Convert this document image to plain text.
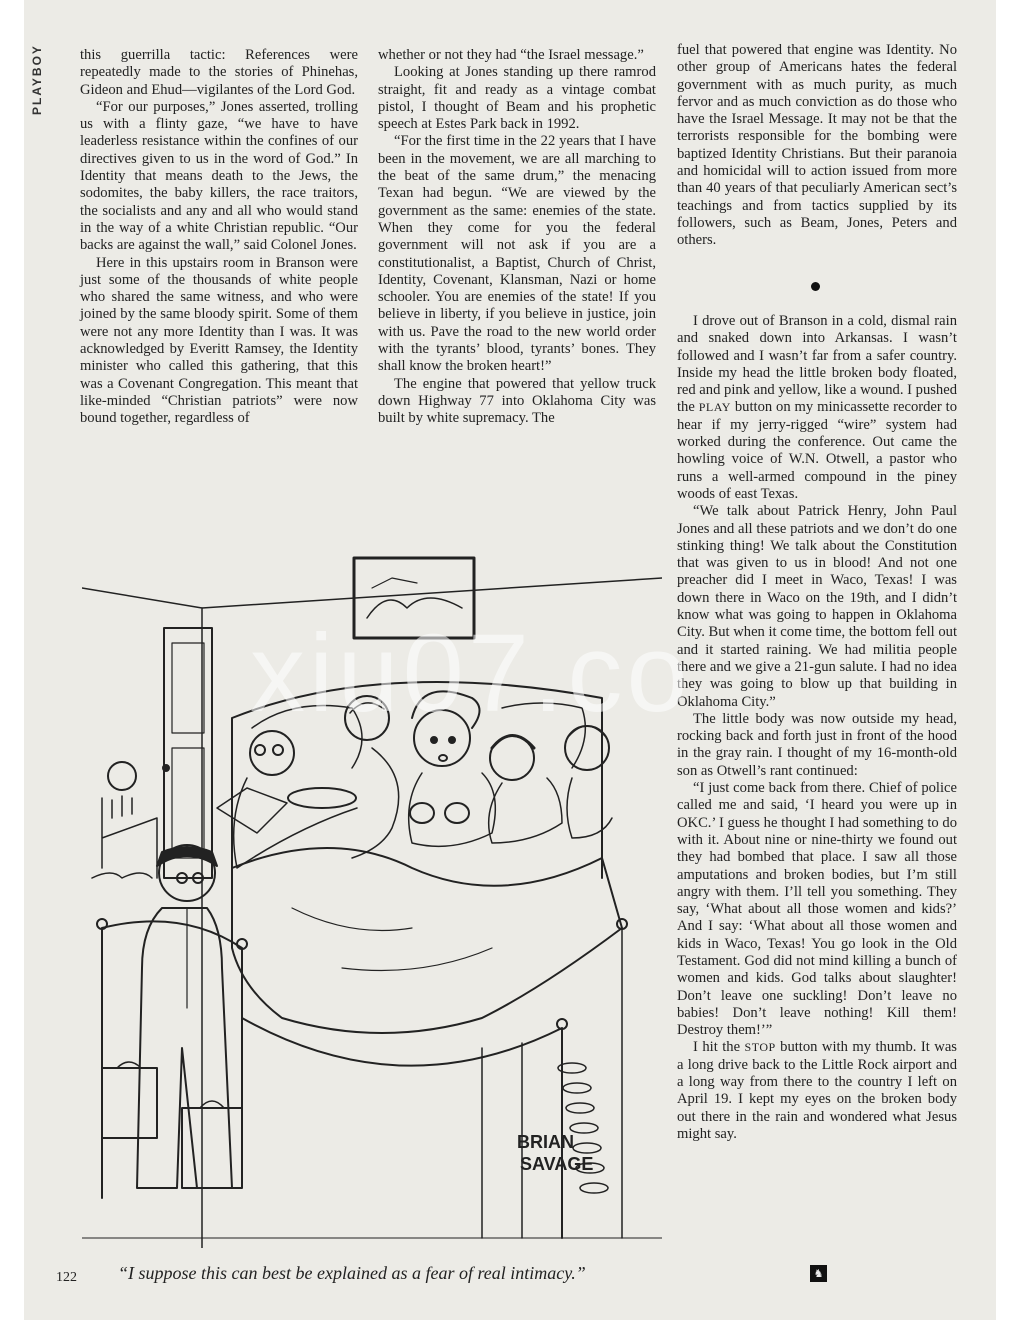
PLAYBOY	this guerrilla tactic: References were repeatedly made to the stories of Phinehas, Gideon and Ehud—vigilantes of the Lord God.

“For our purposes,” Jones asserted, trolling us with a flinty gaze, “we have to have leaderless resistance within the confines of our directives given to us in the word of God.” In Identity that means death to the Jews, the sodomites, the baby killers, the race traitors, the socialists and any and all who would stand in the way of a white Christian republic. “Our backs are against the wall,” said Colonel Jones.

Here in this upstairs room in Branson were just some of the thousands of white people who shared the same witness, and who were joined by the same bloody spirit. Some of them were not any more Identity than I was. It was acknowledged by Everitt Ramsey, the Identity minister who called this gathering, that this was a Covenant Congregation. This meant that like-minded “Christian patriots” were now bound together, regardless of

whether or not they had “the Israel message.”

Looking at Jones standing up there ramrod straight, fit and ready as a vintage combat pistol, I thought of Beam and his prophetic speech at Estes Park back in 1992.

“For the first time in the 22 years that I have been in the movement, we are all marching to the beat of the same drum,” the menacing Texan had begun. “We are viewed by the government as the same: enemies of the state. When they come for you the federal government will not ask if you are a constitutionalist, a Baptist, Church of Christ, Identity, Covenant, Klansman, Nazi or home schooler. You are enemies of the state! If you believe in liberty, if you believe in justice, join with us. Pave the road to the new world order with the tyrants’ blood, tyrants’ bones. They shall know the broken heart!”

The engine that powered that yellow truck down Highway 77 into Oklahoma City was built by white supremacy. The

fuel that powered that engine was Identity. No other group of Americans hates the federal government with as much purity, as much fervor and as much conviction as do those who have the Israel Message. It may not be that the terrorists responsible for the bombing were baptized Identity Christians. But their paranoia and homicidal will to action issued from more than 40 years of that peculiarly American sect’s teachings and from tactics supplied by its followers, such as Beam, Jones, Peters and others.

I drove out of Branson in a cold, dismal rain and snaked down into Arkansas. I wasn’t followed and I wasn’t far from a safer country. Inside my head the little broken body floated, red and pink and yellow, like a wound. I pushed the PLAY button on my minicassette recorder to hear if my jerry-rigged “wire” system had worked during the conference. Out came the howling voice of W.N. Otwell, a pastor who runs a well-armed compound in the piney woods of east Texas.

“We talk about Patrick Henry, John Paul Jones and all these patriots and we don’t do one stinking thing! We talk about the Constitution that was given to us in blood! And not one preacher did I meet in Waco, Texas! I was down there in Waco on the 19th, and I didn’t know what was going to happen in Oklahoma City. But when it come time, the bottom fell out and it started raining. We had militia people there and we give a 21-gun salute. I had no idea they was going to blow up that building in Oklahoma City.”

The little body was now outside my head, rocking back and forth just in front of the hood in the gray rain. I thought of my 16-month-old son as Otwell’s rant continued:

“I just come back from there. Chief of police called me and said, ‘I heard you were up in OKC.’ I guess he thought I had something to do with it. About nine or nine-thirty we found out they had bombed that place. I saw all those amputations and broken bodies, but I’m still angry with them. I’ll tell you something. They say, ‘What about all those women and kids?’ And I say: ‘What about all those women and kids in Waco, Texas! You go look in the Old Testament. God did not mind killing a bunch of women and kids. God talks about slaughter! Don’t leave one suckling! Don’t leave no babies! Don’t leave nothing! Kill them! Destroy them!’”

I hit the STOP button with my thumb. It was a long drive back to the Little Rock airport and a long way from there to the country I left on April 19. I kept my eyes on the broken body out there in the rain and wondered what Jesus might say.

BRIAN
SAVAGE
xiu07.co
“I suppose this can best be explained as a fear of real intimacy.”
122	♞
